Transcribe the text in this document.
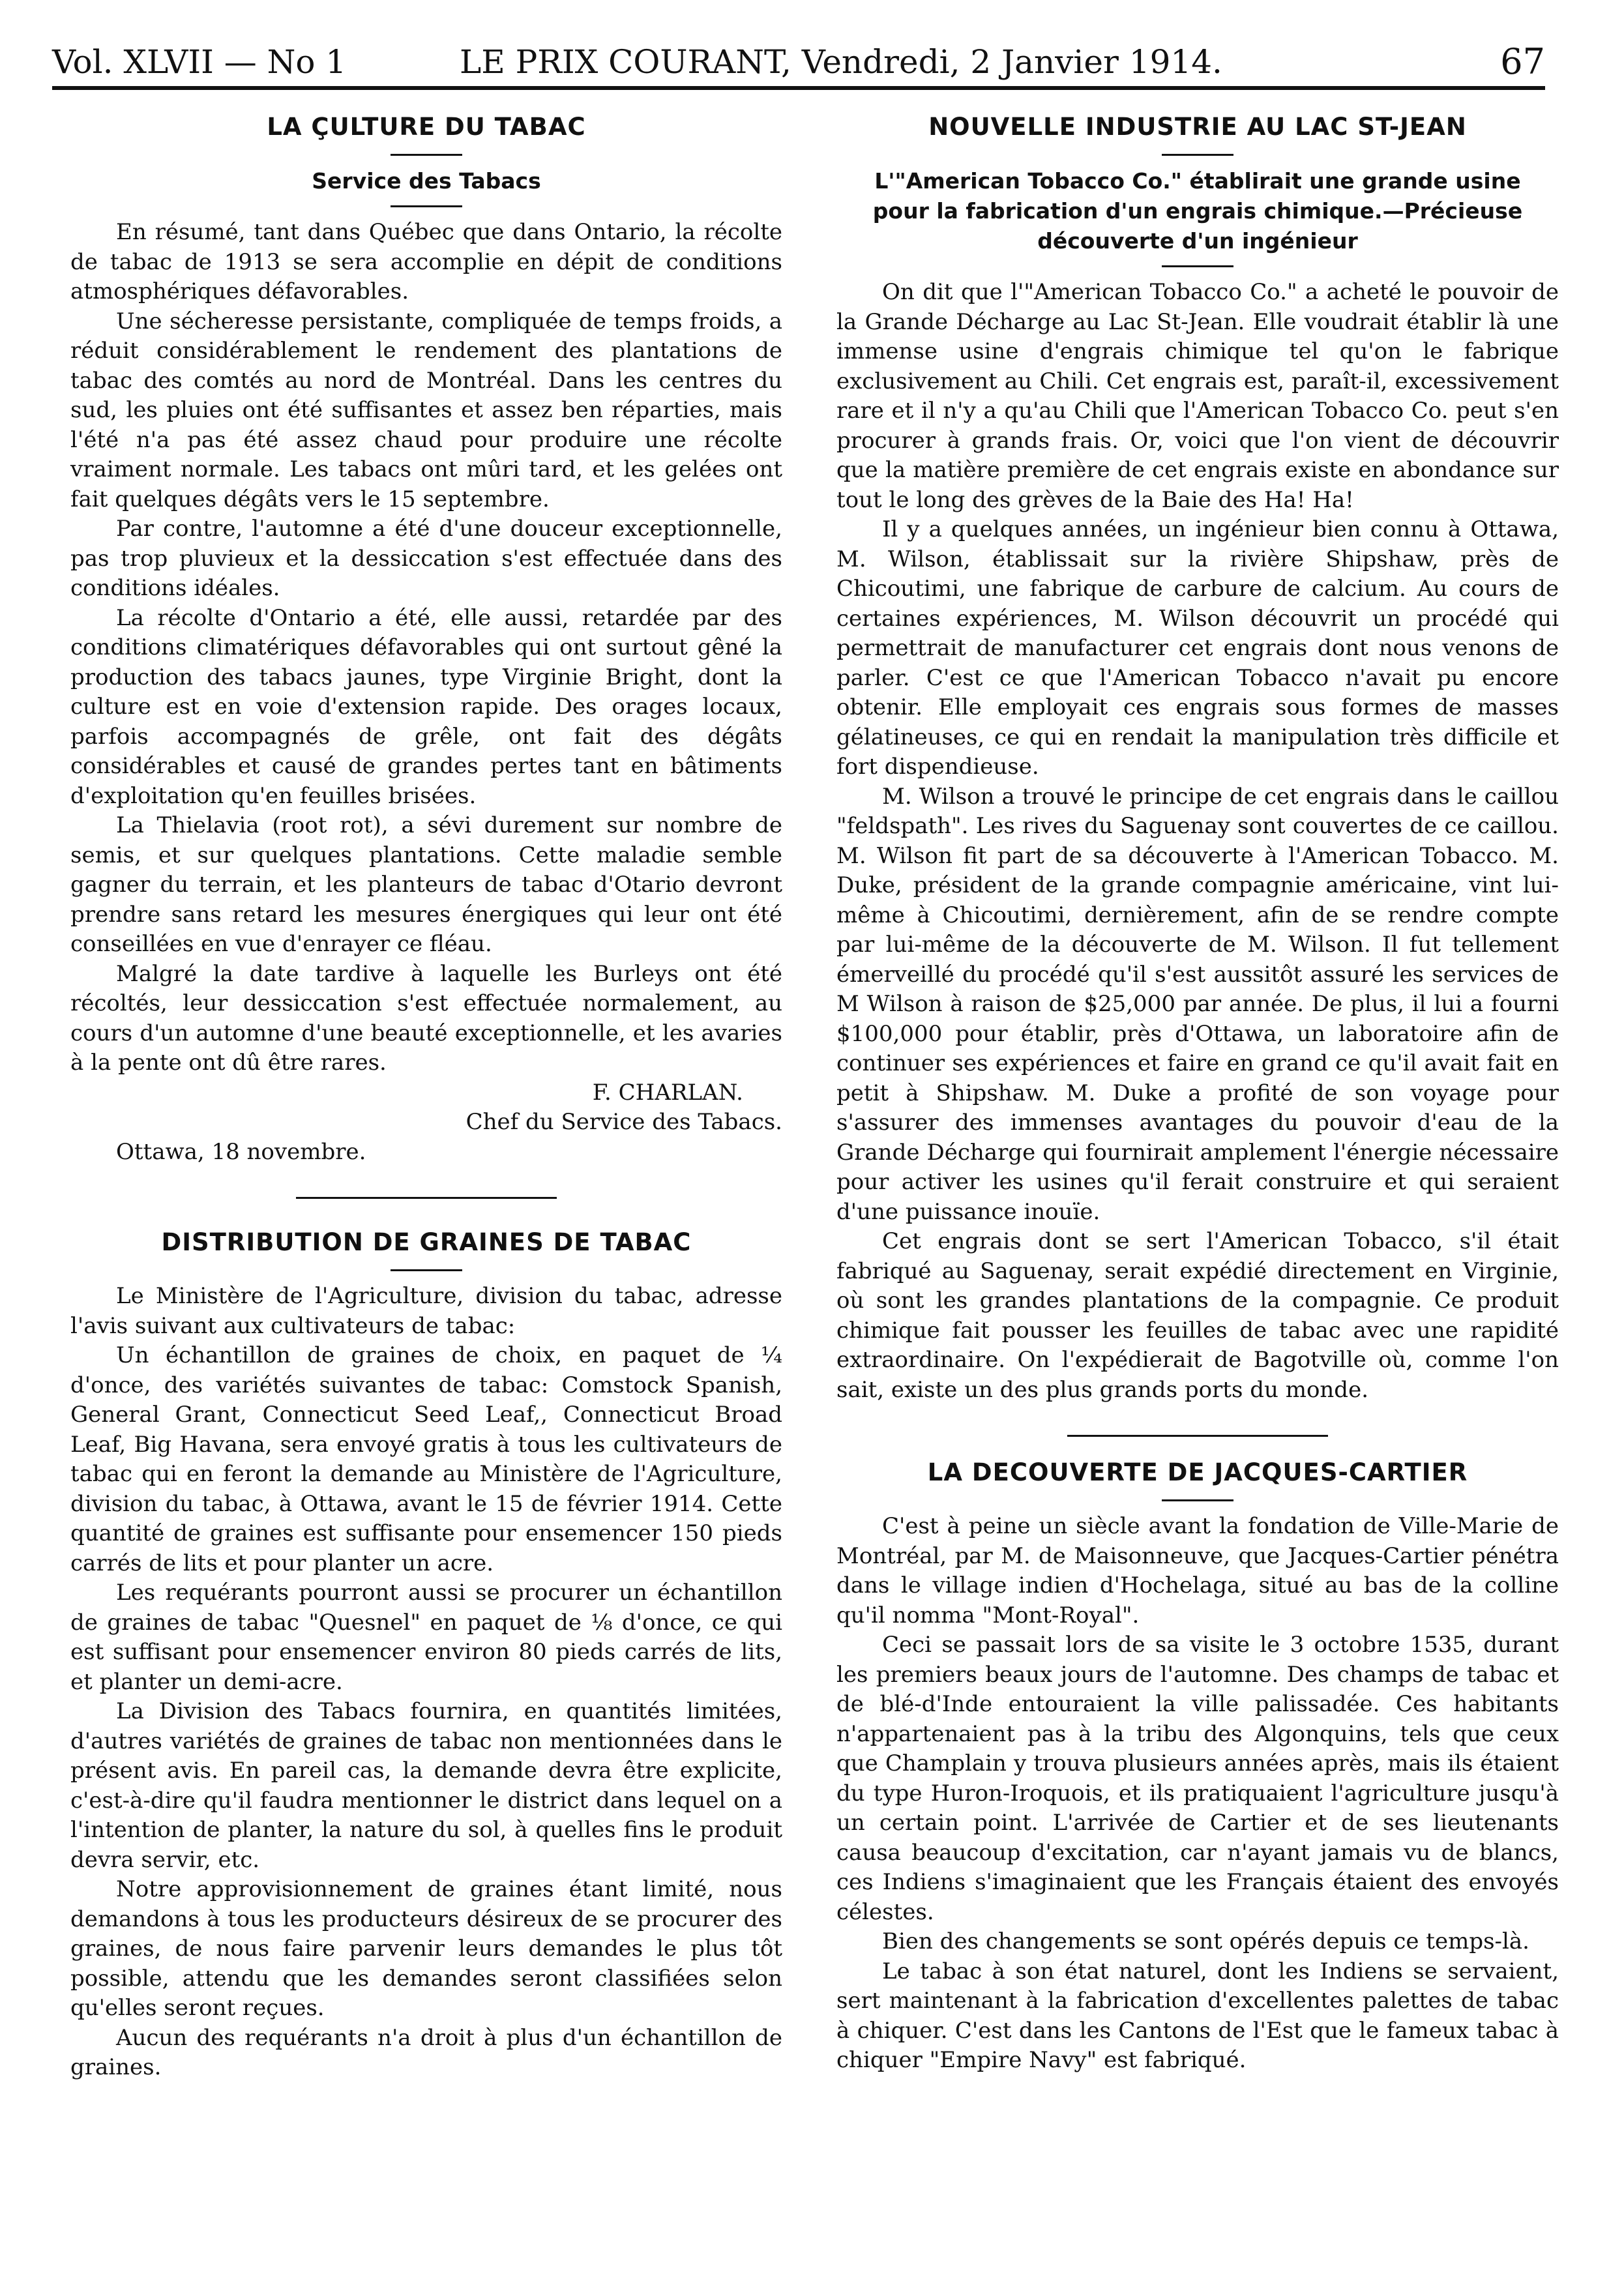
Vol. XLVII — No 1	LE PRIX COURANT, Vendredi, 2 Janvier 1914.	67
LA ÇULTURE DU TABAC
Service des Tabacs

En résumé, tant dans Québec que dans Ontario, la récolte de tabac de 1913 se sera accomplie en dépit de conditions atmosphériques défavorables.

Une sécheresse persistante, compliquée de temps froids, a réduit considérablement le rendement des plantations de tabac des comtés au nord de Montréal. Dans les centres du sud, les pluies ont été suffisantes et assez ben réparties, mais l'été n'a pas été assez chaud pour produire une récolte vraiment normale. Les tabacs ont mûri tard, et les gelées ont fait quelques dégâts vers le 15 septembre.

Par contre, l'automne a été d'une douceur exceptionnelle, pas trop pluvieux et la dessiccation s'est effectuée dans des conditions idéales.

La récolte d'Ontario a été, elle aussi, retardée par des conditions climatériques défavorables qui ont surtout gêné la production des tabacs jaunes, type Virginie Bright, dont la culture est en voie d'extension rapide. Des orages locaux, parfois accompagnés de grêle, ont fait des dégâts considérables et causé de grandes pertes tant en bâtiments d'exploitation qu'en feuilles brisées.

La Thielavia (root rot), a sévi durement sur nombre de semis, et sur quelques plantations. Cette maladie semble gagner du terrain, et les planteurs de tabac d'Otario devront prendre sans retard les mesures énergiques qui leur ont été conseillées en vue d'enrayer ce fléau.

Malgré la date tardive à laquelle les Burleys ont été récoltés, leur dessiccation s'est effectuée normalement, au cours d'un automne d'une beauté exceptionnelle, et les avaries à la pente ont dû être rares.

F. CHARLAN.

Chef du Service des Tabacs.

Ottawa, 18 novembre.

DISTRIBUTION DE GRAINES DE TABAC

Le Ministère de l'Agriculture, division du tabac, adresse l'avis suivant aux cultivateurs de tabac:

Un échantillon de graines de choix, en paquet de ¼ d'once, des variétés suivantes de tabac: Comstock Spanish, General Grant, Connecticut Seed Leaf,, Connecticut Broad Leaf, Big Havana, sera envoyé gratis à tous les cultivateurs de tabac qui en feront la demande au Ministère de l'Agriculture, division du tabac, à Ottawa, avant le 15 de février 1914. Cette quantité de graines est suffisante pour ensemencer 150 pieds carrés de lits et pour planter un acre.

Les requérants pourront aussi se procurer un échantillon de graines de tabac "Quesnel" en paquet de ⅛ d'once, ce qui est suffisant pour ensemencer environ 80 pieds carrés de lits, et planter un demi-acre.

La Division des Tabacs fournira, en quantités limitées, d'autres variétés de graines de tabac non mentionnées dans le présent avis. En pareil cas, la demande devra être explicite, c'est-à-dire qu'il faudra mentionner le district dans lequel on a l'intention de planter, la nature du sol, à quelles fins le produit devra servir, etc.

Notre approvisionnement de graines étant limité, nous demandons à tous les producteurs désireux de se procurer des graines, de nous faire parvenir leurs demandes le plus tôt possible, attendu que les demandes seront classifiées selon qu'elles seront reçues.

Aucun des requérants n'a droit à plus d'un échantillon de graines.

NOUVELLE INDUSTRIE AU LAC ST-JEAN
L'"American Tobacco Co." établirait une grande usine pour la fabrication d'un engrais chimique.—Précieuse découverte d'un ingénieur

On dit que l'"American Tobacco Co." a acheté le pouvoir de la Grande Décharge au Lac St-Jean. Elle voudrait établir là une immense usine d'engrais chimique tel qu'on le fabrique exclusivement au Chili. Cet engrais est, paraît-il, excessivement rare et il n'y a qu'au Chili que l'American Tobacco Co. peut s'en procurer à grands frais. Or, voici que l'on vient de découvrir que la matière première de cet engrais existe en abondance sur tout le long des grèves de la Baie des Ha! Ha!

Il y a quelques années, un ingénieur bien connu à Ottawa, M. Wilson, établissait sur la rivière Shipshaw, près de Chicoutimi, une fabrique de carbure de calcium. Au cours de certaines expériences, M. Wilson découvrit un procédé qui permettrait de manufacturer cet engrais dont nous venons de parler. C'est ce que l'American Tobacco n'avait pu encore obtenir. Elle employait ces engrais sous formes de masses gélatineuses, ce qui en rendait la manipulation très difficile et fort dispendieuse.

M. Wilson a trouvé le principe de cet engrais dans le caillou "feldspath". Les rives du Saguenay sont couvertes de ce caillou. M. Wilson fit part de sa découverte à l'American Tobacco. M. Duke, président de la grande compagnie américaine, vint lui-même à Chicoutimi, dernièrement, afin de se rendre compte par lui-même de la découverte de M. Wilson. Il fut tellement émerveillé du procédé qu'il s'est aussitôt assuré les services de M Wilson à raison de $25,000 par année. De plus, il lui a fourni $100,000 pour établir, près d'Ottawa, un laboratoire afin de continuer ses expériences et faire en grand ce qu'il avait fait en petit à Shipshaw. M. Duke a profité de son voyage pour s'assurer des immenses avantages du pouvoir d'eau de la Grande Décharge qui fournirait amplement l'énergie nécessaire pour activer les usines qu'il ferait construire et qui seraient d'une puissance inouïe.

Cet engrais dont se sert l'American Tobacco, s'il était fabriqué au Saguenay, serait expédié directement en Virginie, où sont les grandes plantations de la compagnie. Ce produit chimique fait pousser les feuilles de tabac avec une rapidité extraordinaire. On l'expédierait de Bagotville où, comme l'on sait, existe un des plus grands ports du monde.

LA DECOUVERTE DE JACQUES-CARTIER

C'est à peine un siècle avant la fondation de Ville-Marie de Montréal, par M. de Maisonneuve, que Jacques-Cartier pénétra dans le village indien d'Hochelaga, situé au bas de la colline qu'il nomma "Mont-Royal".

Ceci se passait lors de sa visite le 3 octobre 1535, durant les premiers beaux jours de l'automne. Des champs de tabac et de blé-d'Inde entouraient la ville palissadée. Ces habitants n'appartenaient pas à la tribu des Algonquins, tels que ceux que Champlain y trouva plusieurs années après, mais ils étaient du type Huron-Iroquois, et ils pratiquaient l'agriculture jusqu'à un certain point. L'arrivée de Cartier et de ses lieutenants causa beaucoup d'excitation, car n'ayant jamais vu de blancs, ces Indiens s'imaginaient que les Français étaient des envoyés célestes.

Bien des changements se sont opérés depuis ce temps-là.

Le tabac à son état naturel, dont les Indiens se servaient, sert maintenant à la fabrication d'excellentes palettes de tabac à chiquer. C'est dans les Cantons de l'Est que le fameux tabac à chiquer "Empire Navy" est fabriqué.
